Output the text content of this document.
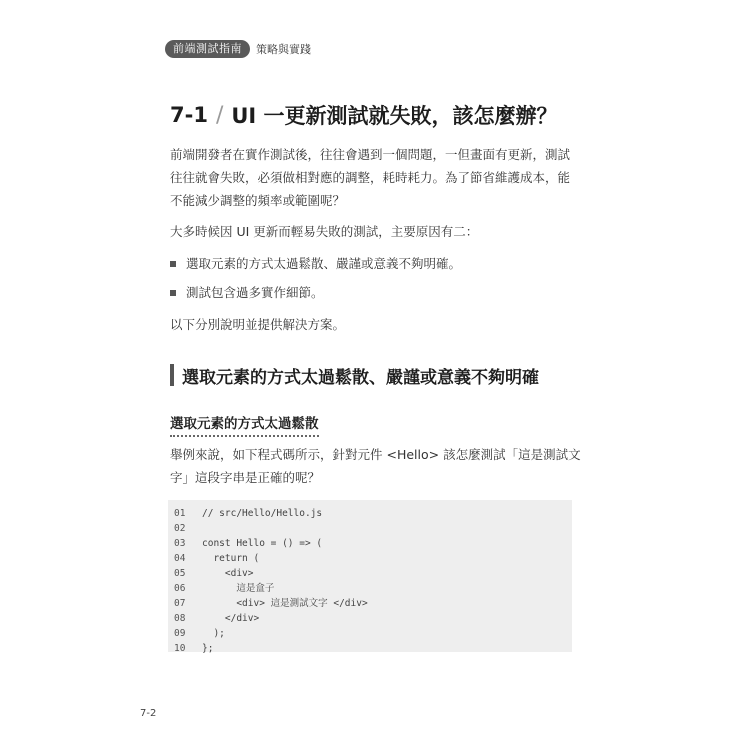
前端測試指南	策略與實踐
7-1 / UI 一更新測試就失敗，該怎麼辦？

前端開發者在實作測試後，往往會遇到一個問題，一但畫面有更新，測試往往就會失敗，必須做相對應的調整，耗時耗力。為了節省維護成本，能不能減少調整的頻率或範圍呢？

大多時候因 UI 更新而輕易失敗的測試，主要原因有二：

選取元素的方式太過鬆散、嚴謹或意義不夠明確。
測試包含過多實作細節。

以下分別說明並提供解決方案。

選取元素的方式太過鬆散、嚴謹或意義不夠明確
選取元素的方式太過鬆散

舉例來說，如下程式碼所示，針對元件 <Hello> 該怎麼測試「這是測試文字」這段字串是正確的呢？

01	// src/Hello/Hello.js
02
03	const Hello = () => (
04	return (
05	<div>
06	這是盒子
07	<div> 這是測試文字 </div>
08	</div>
09	);
10	};
7-2
